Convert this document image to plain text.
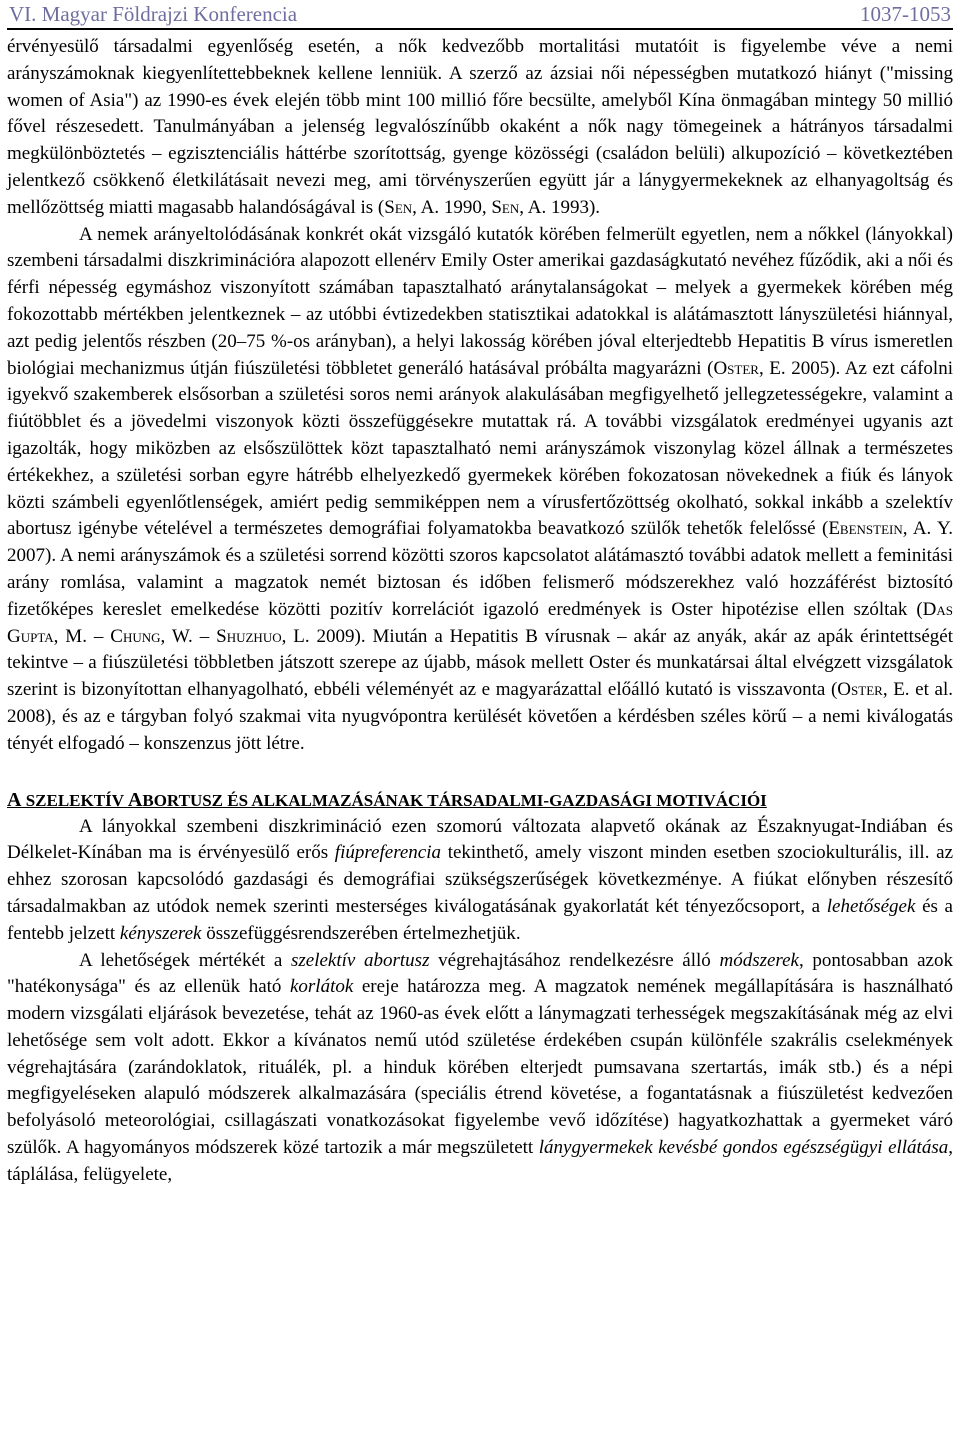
VI. Magyar Földrajzi Konferencia	1037-1053

érvényesülő társadalmi egyenlőség esetén, a nők kedvezőbb mortalitási mutatóit is figyelembe véve a nemi arányszámoknak kiegyenlítettebbeknek kellene lenniük. A szerző az ázsiai női népességben mutatkozó hiányt ("missing women of Asia") az 1990-es évek elején több mint 100 millió főre becsülte, amelyből Kína önmagában mintegy 50 millió fővel részesedett. Tanulmányában a jelenség legvalószínűbb okaként a nők nagy tömegeinek a hátrányos társadalmi megkülönböztetés – egzisztenciális háttérbe szorítottság, gyenge közösségi (családon belüli) alkupozíció – következtében jelentkező csökkenő életkilátásait nevezi meg, ami törvényszerűen együtt jár a lánygyermekeknek az elhanyagoltság és mellőzöttség miatti magasabb halandóságával is (Sen, A. 1990, Sen, A. 1993).

A nemek arányeltolódásának konkrét okát vizsgáló kutatók körében felmerült egyetlen, nem a nőkkel (lányokkal) szembeni társadalmi diszkriminációra alapozott ellenérv Emily Oster amerikai gazdaságkutató nevéhez fűződik, aki a női és férfi népesség egymáshoz viszonyított számában tapasztalható aránytalanságokat – melyek a gyermekek körében még fokozottabb mértékben jelentkeznek – az utóbbi évtizedekben statisztikai adatokkal is alátámasztott lányszületési hiánnyal, azt pedig jelentős részben (20–75 %-os arányban), a helyi lakosság körében jóval elterjedtebb Hepatitis B vírus ismeretlen biológiai mechanizmus útján fiúszületési többletet generáló hatásával próbálta magyarázni (Oster, E. 2005). Az ezt cáfolni igyekvő szakemberek elsősorban a születési soros nemi arányok alakulásában megfigyelhető jellegzetességekre, valamint a fiútöbblet és a jövedelmi viszonyok közti összefüggésekre mutattak rá. A további vizsgálatok eredményei ugyanis azt igazolták, hogy miközben az elsőszülöttek közt tapasztalható nemi arányszámok viszonylag közel állnak a természetes értékekhez, a születési sorban egyre hátrébb elhelyezkedő gyermekek körében fokozatosan növekednek a fiúk és lányok közti számbeli egyenlőtlenségek, amiért pedig semmiképpen nem a vírusfertőzöttség okolható, sokkal inkább a szelektív abortusz igénybe vételével a természetes demográfiai folyamatokba beavatkozó szülők tehetők felelőssé (Ebenstein, A. Y. 2007). A nemi arányszámok és a születési sorrend közötti szoros kapcsolatot alátámasztó további adatok mellett a feminitási arány romlása, valamint a magzatok nemét biztosan és időben felismerő módszerekhez való hozzáférést biztosító fizetőképes kereslet emelkedése közötti pozitív korrelációt igazoló eredmények is Oster hipotézise ellen szóltak (Das Gupta, M. – Chung, W. – Shuzhuo, L. 2009). Miután a Hepatitis B vírusnak – akár az anyák, akár az apák érintettségét tekintve – a fiúszületési többletben játszott szerepe az újabb, mások mellett Oster és munkatársai által elvégzett vizsgálatok szerint is bizonyítottan elhanyagolható, ebbéli véleményét az e magyarázattal előálló kutató is visszavonta (Oster, E. et al. 2008), és az e tárgyban folyó szakmai vita nyugvópontra kerülését követően a kérdésben széles körű – a nemi kiválogatás tényét elfogadó – konszenzus jött létre.

A SZELEKTÍV ABORTUSZ ÉS ALKALMAZÁSÁNAK TÁRSADALMI-GAZDASÁGI MOTIVÁCIÓI

A lányokkal szembeni diszkrimináció ezen szomorú változata alapvető okának az Északnyugat-Indiában és Délkelet-Kínában ma is érvényesülő erős fiúpreferencia tekinthető, amely viszont minden esetben szociokulturális, ill. az ehhez szorosan kapcsolódó gazdasági és demográfiai szükségszerűségek következménye. A fiúkat előnyben részesítő társadalmakban az utódok nemek szerinti mesterséges kiválogatásának gyakorlatát két tényezőcsoport, a lehetőségek és a fentebb jelzett kényszerek összefüggésrendszerében értelmezhetjük.

A lehetőségek mértékét a szelektív abortusz végrehajtásához rendelkezésre álló módszerek, pontosabban azok "hatékonysága" és az ellenük ható korlátok ereje határozza meg. A magzatok nemének megállapítására is használható modern vizsgálati eljárások bevezetése, tehát az 1960-as évek előtt a lánymagzati terhességek megszakításának még az elvi lehetősége sem volt adott. Ekkor a kívánatos nemű utód születése érdekében csupán különféle szakrális cselekmények végrehajtására (zarándoklatok, rituálék, pl. a hinduk körében elterjedt pumsavana szertartás, imák stb.) és a népi megfigyeléseken alapuló módszerek alkalmazására (speciális étrend követése, a fogantatásnak a fiúszületést kedvezően befolyásoló meteorológiai, csillagászati vonatkozásokat figyelembe vevő időzítése) hagyatkozhattak a gyermeket váró szülők. A hagyományos módszerek közé tartozik a már megszületett lánygyermekek kevésbé gondos egészségügyi ellátása, táplálása, felügyelete,
